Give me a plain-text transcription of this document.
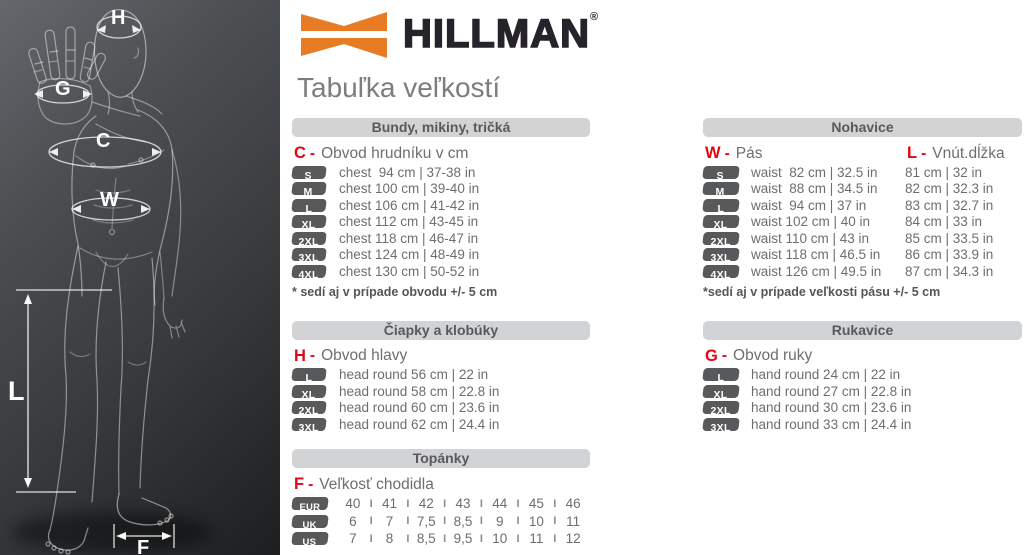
H
G
C
W
L
F
HILLMAN®
Tabuľka veľkostí
Bundy, mikiny, tričká
C - Obvod hrudníku v cm
S	chest  94 cm | 37-38 in
M	chest 100 cm | 39-40 in
L	chest 106 cm | 41-42 in
XL	chest 112 cm | 43-45 in
2XL	chest 118 cm | 46-47 in
3XL	chest 124 cm | 48-49 in
4XL	chest 130 cm | 50-52 in
* sedí aj v prípade obvodu +/- 5 cm
Čiapky a klobúky
H - Obvod hlavy
L	head round 56 cm | 22 in
XL	head round 58 cm | 22.8 in
2XL	head round 60 cm | 23.6 in
3XL	head round 62 cm | 24.4 in
Topánky
F - Veľkosť chodidla
EUR	40 I 41 I 42 I 43 I 44 I 45 I 46
UK	6	I 7	I 7,5 I 8,5 I 9	I 10 I 11
US	7	I 8	I 8,5 I 9,5 I 10 I 11 I 12
Nohavice
W - Pás	L - Vnút.dĺžka
S	waist  82 cm | 32.5 in	81 cm | 32 in
M	waist  88 cm | 34.5 in	82 cm | 32.3 in
L	waist  94 cm | 37 in	83 cm | 32.7 in
XL	waist 102 cm | 40 in	84 cm | 33 in
2XL	waist 110 cm | 43 in	85 cm | 33.5 in
3XL	waist 118 cm | 46.5 in	86 cm | 33.9 in
4XL	waist 126 cm | 49.5 in	87 cm | 34.3 in
*sedí aj v prípade veľkosti pásu +/- 5 cm
Rukavice
G - Obvod ruky
L	hand round 24 cm | 22 in
XL	hand round 27 cm | 22.8 in
2XL	hand round 30 cm | 23.6 in
3XL	hand round 33 cm | 24.4 in
